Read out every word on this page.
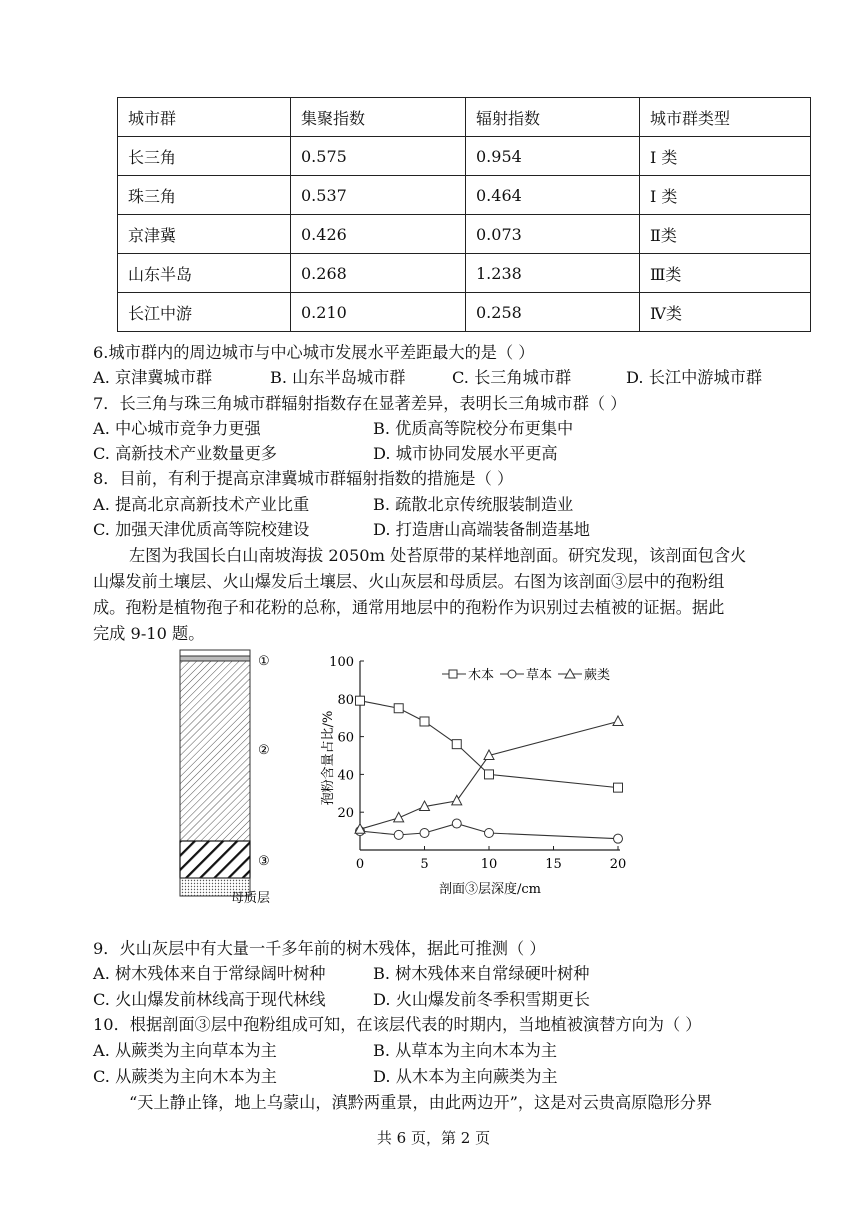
城市群	集聚指数	辐射指数	城市群类型
长三角	0.575	0.954	I 类
珠三角	0.537	0.464	I 类
京津冀	0.426	0.073	Ⅱ类
山东半岛	0.268	1.238	Ⅲ类
长江中游	0.210	0.258	Ⅳ类
6.城市群内的周边城市与中心城市发展水平差距最大的是（ ）
A. 京津冀城市群	B. 山东半岛城市群	C. 长三角城市群	D. 长江中游城市群
7．长三角与珠三角城市群辐射指数存在显著差异，表明长三角城市群（ ）
A. 中心城市竞争力更强	B. 优质高等院校分布更集中
C. 高新技术产业数量更多	D. 城市协同发展水平更高
8．目前，有利于提高京津冀城市群辐射指数的措施是（ ）
A. 提高北京高新技术产业比重	B. 疏散北京传统服装制造业
C. 加强天津优质高等院校建设	D. 打造唐山高端装备制造基地
左图为我国长白山南坡海拔 2050m 处苔原带的某样地剖面。研究发现，该剖面包含火
山爆发前土壤层、火山爆发后土壤层、火山灰层和母质层。右图为该剖面③层中的孢粉组
成。孢粉是植物孢子和花粉的总称，通常用地层中的孢粉作为识别过去植被的证据。据此
完成 9-10 题。
①
②
③
母质层
20
40
60
80
100
0	5	10	15	20
孢粉含量占比/%
剖面③层深度/cm
木本 草本 蕨类
9．火山灰层中有大量一千多年前的树木残体，据此可推测（ ）
A. 树木残体来自于常绿阔叶树种	B. 树木残体来自常绿硬叶树种
C. 火山爆发前林线高于现代林线	D. 火山爆发前冬季积雪期更长
10．根据剖面③层中孢粉组成可知，在该层代表的时期内，当地植被演替方向为（ ）
A. 从蕨类为主向草本为主	B. 从草本为主向木本为主
C. 从蕨类为主向木本为主	D. 从木本为主向蕨类为主
“天上静止锋，地上乌蒙山，滇黔两重景，由此两边开”，这是对云贵高原隐形分界
共 6 页，第 2 页
